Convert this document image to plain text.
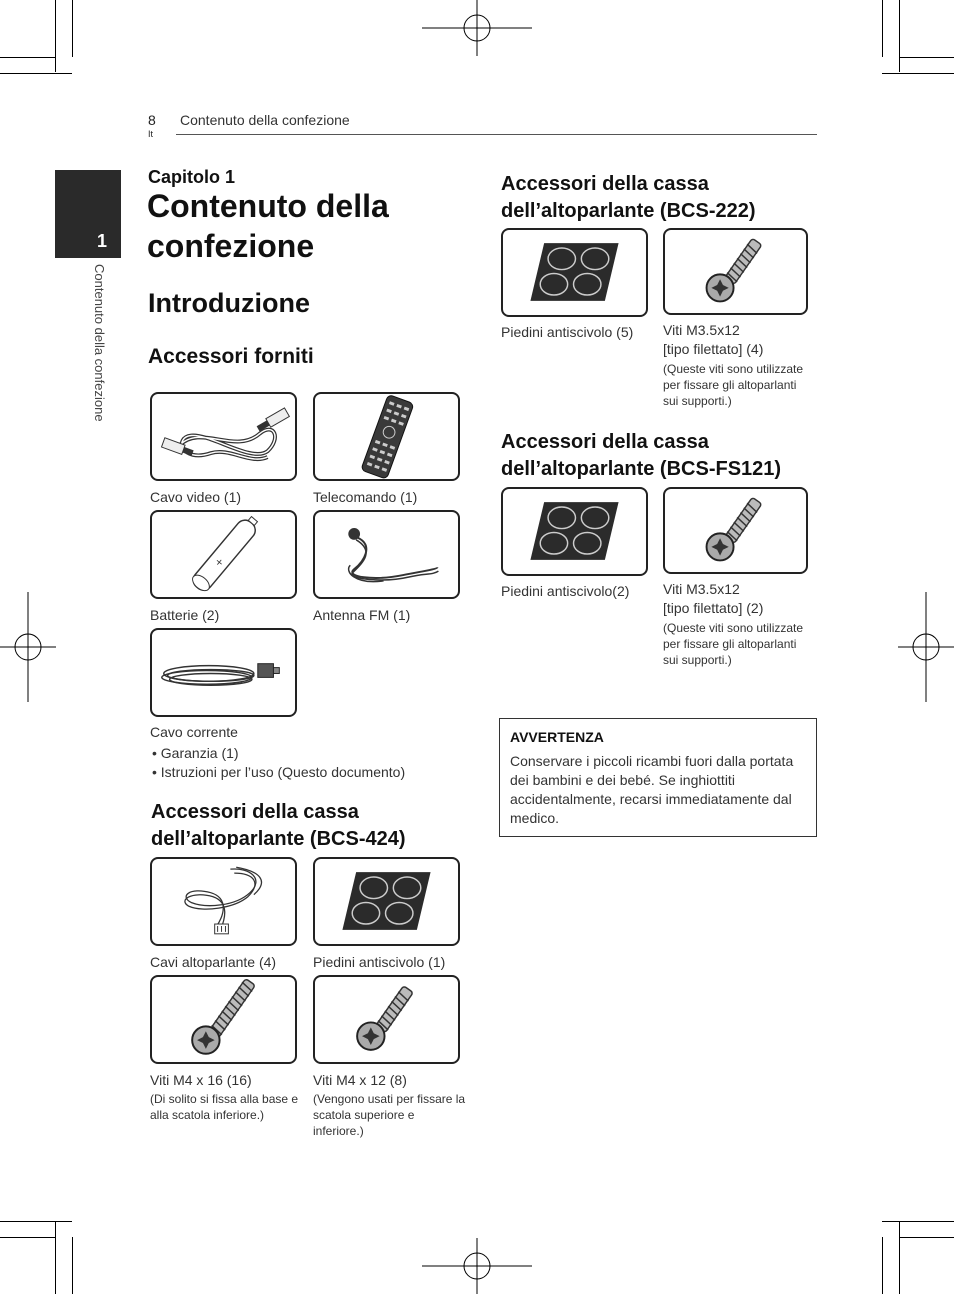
8
It
Contenuto della confezione
1
Contenuto della confezione
Capitolo 1
Contenuto della
confezione
Introduzione
Accessori forniti
Cavo video (1)	Telecomando (1)
+
Batterie (2)	Antenna FM (1)
Cavo corrente
• Garanzia (1)
• Istruzioni per l’uso (Questo documento)
Accessori della cassa
dell’altoparlante (BCS-424)
Cavi altoparlante (4)	Piedini antiscivolo (1)
Viti M4 x 16 (16)	Viti M4 x 12 (8)
(Di solito si fissa alla base e alla scatola inferiore.)
(Vengono usati per fissare la scatola superiore e inferiore.)
Accessori della cassa
dell’altoparlante (BCS-222)
Piedini antiscivolo (5) Viti M3.5x12
[tipo filettato] (4)
(Queste viti sono utilizzate per fissare gli altoparlanti sui supporti.)
Accessori della cassa
dell’altoparlante (BCS-FS121)
Piedini antiscivolo(2) Viti M3.5x12
[tipo filettato] (2)
(Queste viti sono utilizzate per fissare gli altoparlanti sui supporti.)
AVVERTENZA
Conservare i piccoli ricambi fuori dalla portata dei bambini e dei bebé. Se inghiottiti accidentalmente, recarsi immediatamente dal medico.
